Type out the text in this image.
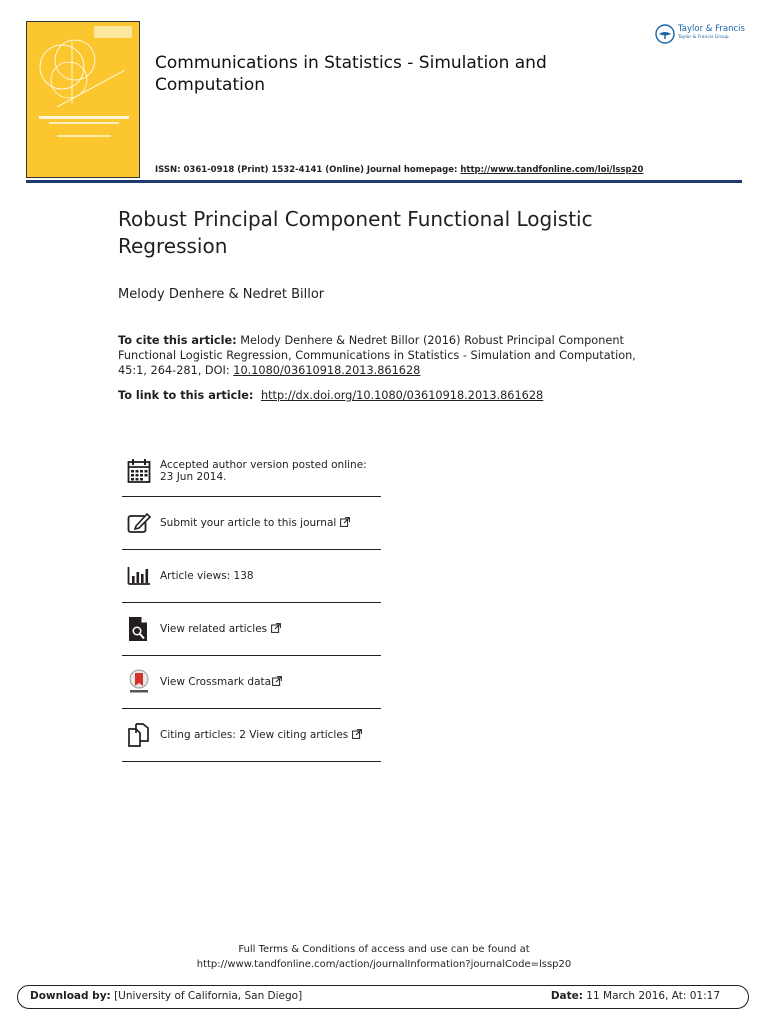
Communications in Statistics - Simulation and Computation
ISSN: 0361-0918 (Print) 1532-4141 (Online) Journal homepage: http://www.tandfonline.com/loi/lssp20
Taylor & Francis
Taylor & Francis Group
Robust Principal Component Functional Logistic Regression
Melody Denhere & Nedret Billor
To cite this article: Melody Denhere & Nedret Billor (2016) Robust Principal Component Functional Logistic Regression, Communications in Statistics - Simulation and Computation, 45:1, 264-281, DOI: 10.1080/03610918.2013.861628
To link to this article:  http://dx.doi.org/10.1080/03610918.2013.861628
Accepted author version posted online: 23 Jun 2014.
Submit your article to this journal
Article views: 138
View related articles
View Crossmark data
Citing articles: 2 View citing articles
Full Terms & Conditions of access and use can be found at
http://www.tandfonline.com/action/journalInformation?journalCode=lssp20
Download by: [University of California, San Diego]	Date: 11 March 2016, At: 01:17
